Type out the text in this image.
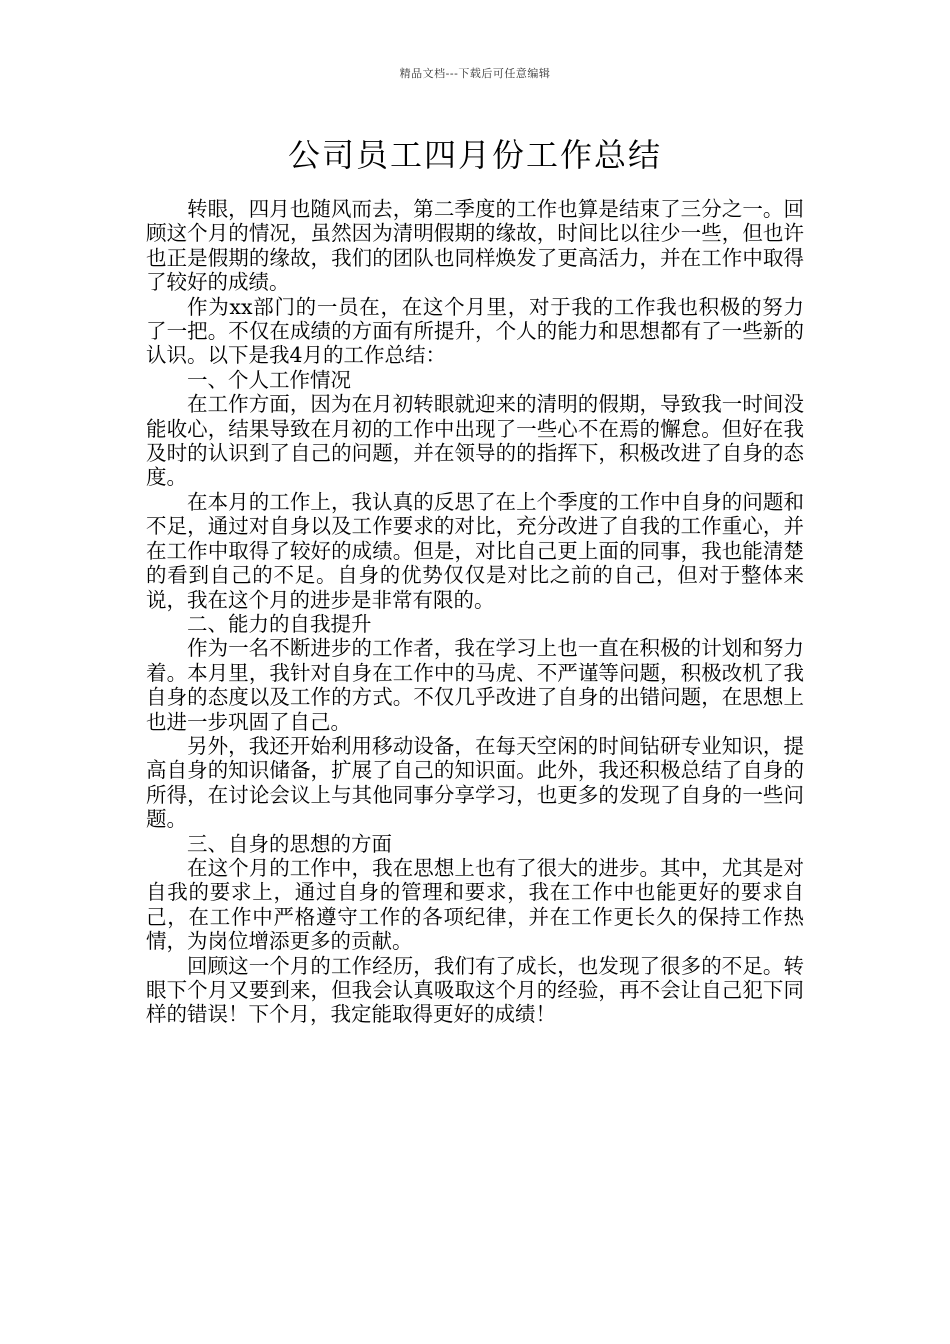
精品文档---下载后可任意编辑
公司员工四月份工作总结

转眼，四月也随风而去，第二季度的工作也算是结束了三分之一。回顾这个月的情况，虽然因为清明假期的缘故，时间比以往少一些，但也许也正是假期的缘故，我们的团队也同样焕发了更高活力，并在工作中取得了较好的成绩。

作为xx部门的一员在，在这个月里，对于我的工作我也积极的努力了一把。不仅在成绩的方面有所提升，个人的能力和思想都有了一些新的认识。以下是我4月的工作总结：

一、个人工作情况

在工作方面，因为在月初转眼就迎来的清明的假期，导致我一时间没能收心，结果导致在月初的工作中出现了一些心不在焉的懈怠。但好在我及时的认识到了自己的问题，并在领导的的指挥下，积极改进了自身的态度。

在本月的工作上，我认真的反思了在上个季度的工作中自身的问题和不足，通过对自身以及工作要求的对比，充分改进了自我的工作重心，并在工作中取得了较好的成绩。但是，对比自己更上面的同事，我也能清楚的看到自己的不足。自身的优势仅仅是对比之前的自己，但对于整体来说，我在这个月的进步是非常有限的。

二、能力的自我提升

作为一名不断进步的工作者，我在学习上也一直在积极的计划和努力着。本月里，我针对自身在工作中的马虎、不严谨等问题，积极改机了我自身的态度以及工作的方式。不仅几乎改进了自身的出错问题，在思想上也进一步巩固了自己。

另外，我还开始利用移动设备，在每天空闲的时间钻研专业知识，提高自身的知识储备，扩展了自己的知识面。此外，我还积极总结了自身的所得，在讨论会议上与其他同事分享学习，也更多的发现了自身的一些问题。

三、自身的思想的方面

在这个月的工作中，我在思想上也有了很大的进步。其中，尤其是对自我的要求上，通过自身的管理和要求，我在工作中也能更好的要求自己，在工作中严格遵守工作的各项纪律，并在工作更长久的保持工作热情，为岗位增添更多的贡献。

回顾这一个月的工作经历，我们有了成长，也发现了很多的不足。转眼下个月又要到来，但我会认真吸取这个月的经验，再不会让自己犯下同样的错误！下个月，我定能取得更好的成绩！
